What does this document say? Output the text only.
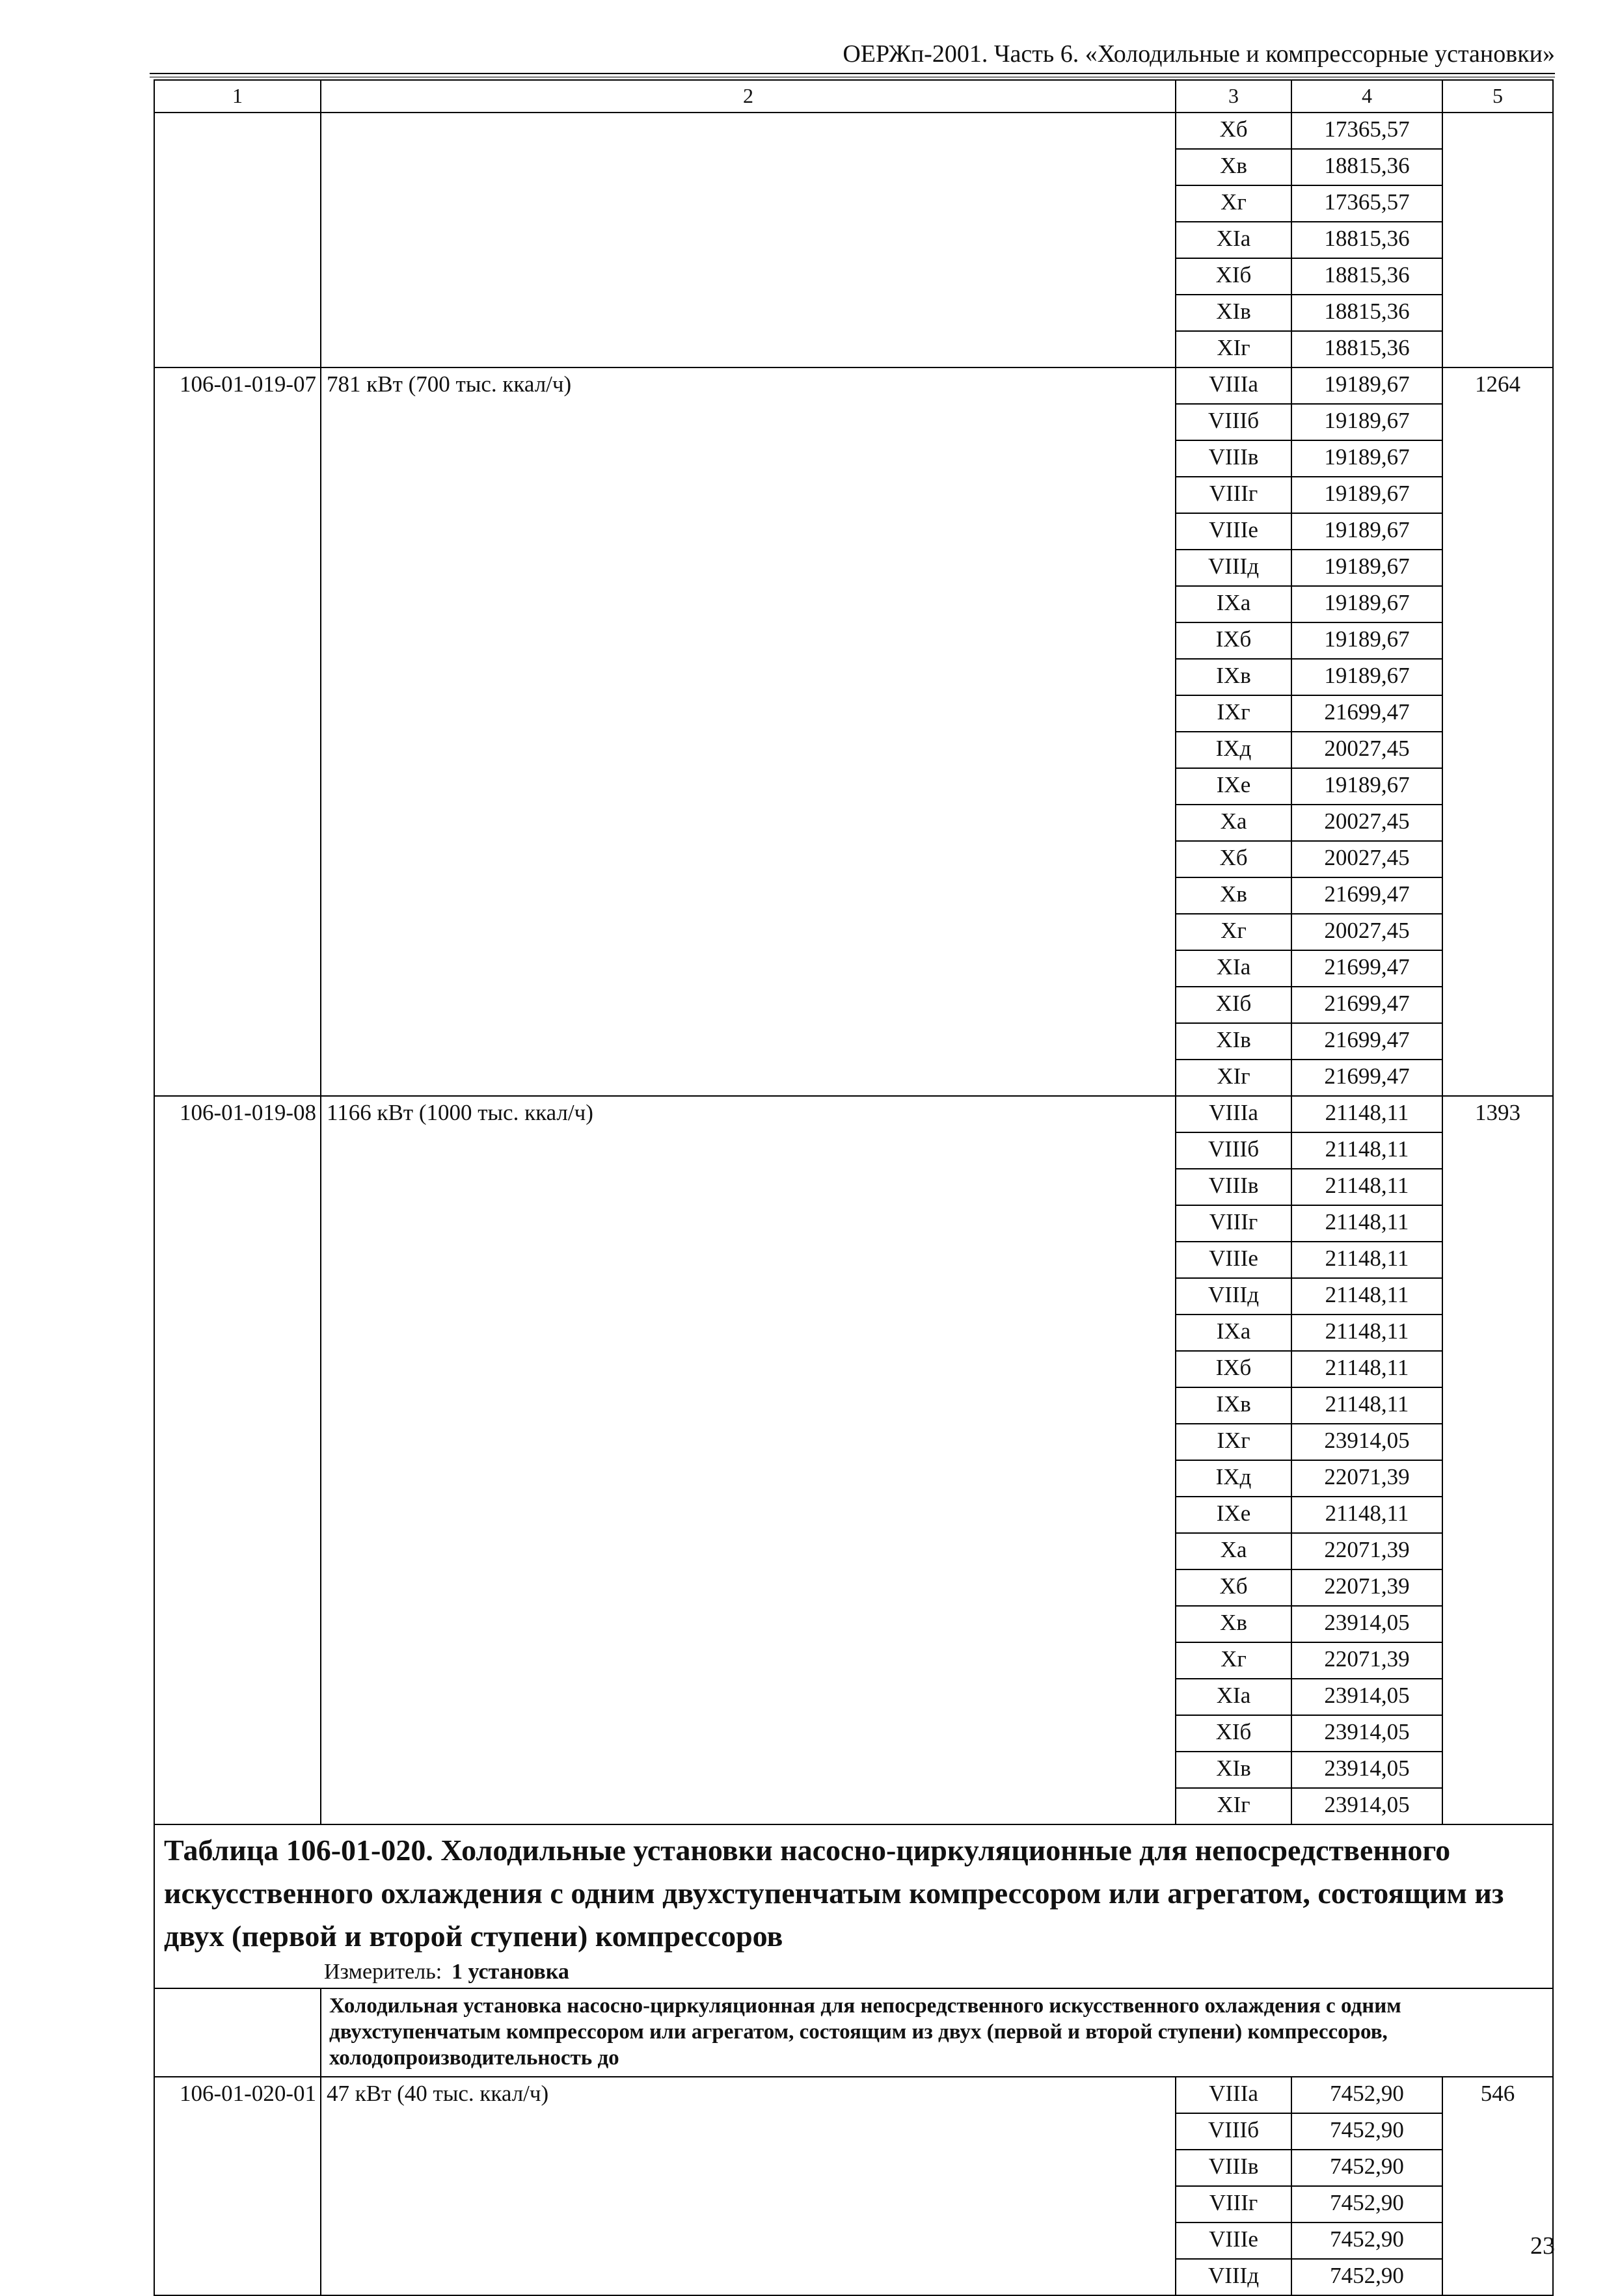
ОЕРЖп-2001. Часть 6. «Холодильные и компрессорные установки»
1	2	3	4	5
		Хб	17365,57	
		Хв	18815,36	
		Хг	17365,57	
		XIа	18815,36	
		XIб	18815,36	
		XIв	18815,36	
		XIг	18815,36	
106-01-019-07	781 кВт (700 тыс. ккал/ч)	VIIIа	19189,67	1264
		VIIIб	19189,67	
		VIIIв	19189,67	
		VIIIг	19189,67	
		VIIIе	19189,67	
		VIIIд	19189,67	
		IXа	19189,67	
		IXб	19189,67	
		IXв	19189,67	
		IXг	21699,47	
		IXд	20027,45	
		IXе	19189,67	
		Ха	20027,45	
		Хб	20027,45	
		Хв	21699,47	
		Хг	20027,45	
		XIа	21699,47	
		XIб	21699,47	
		XIв	21699,47	
		XIг	21699,47	
106-01-019-08	1166 кВт (1000 тыс. ккал/ч)	VIIIа	21148,11	1393
		VIIIб	21148,11	
		VIIIв	21148,11	
		VIIIг	21148,11	
		VIIIе	21148,11	
		VIIIд	21148,11	
		IXа	21148,11	
		IXб	21148,11	
		IXв	21148,11	
		IXг	23914,05	
		IXд	22071,39	
		IXе	21148,11	
		Ха	22071,39	
		Хб	22071,39	
		Хв	23914,05	
		Хг	22071,39	
		XIа	23914,05	
		XIб	23914,05	
		XIв	23914,05	
		XIг	23914,05	
Таблица 106-01-020. Холодильные установки насосно-циркуляционные для непосредственного искусственного охлаждения с одним двухступенчатым компрессором или агрегатом, состоящим из двух (первой и второй ступени) компрессоров				
Измеритель: 1 установка				
	Холодильная установка насосно-циркуляционная для непосредственного искусственного охлаждения с одним двухступенчатым компрессором или агрегатом, состоящим из двух (первой и второй ступени) компрессоров, холодопроизводительность до			
106-01-020-01	47 кВт (40 тыс. ккал/ч)	VIIIа	7452,90	546
		VIIIб	7452,90	
		VIIIв	7452,90	
		VIIIг	7452,90	
		VIIIе	7452,90	
		VIIIд	7452,90	
23
